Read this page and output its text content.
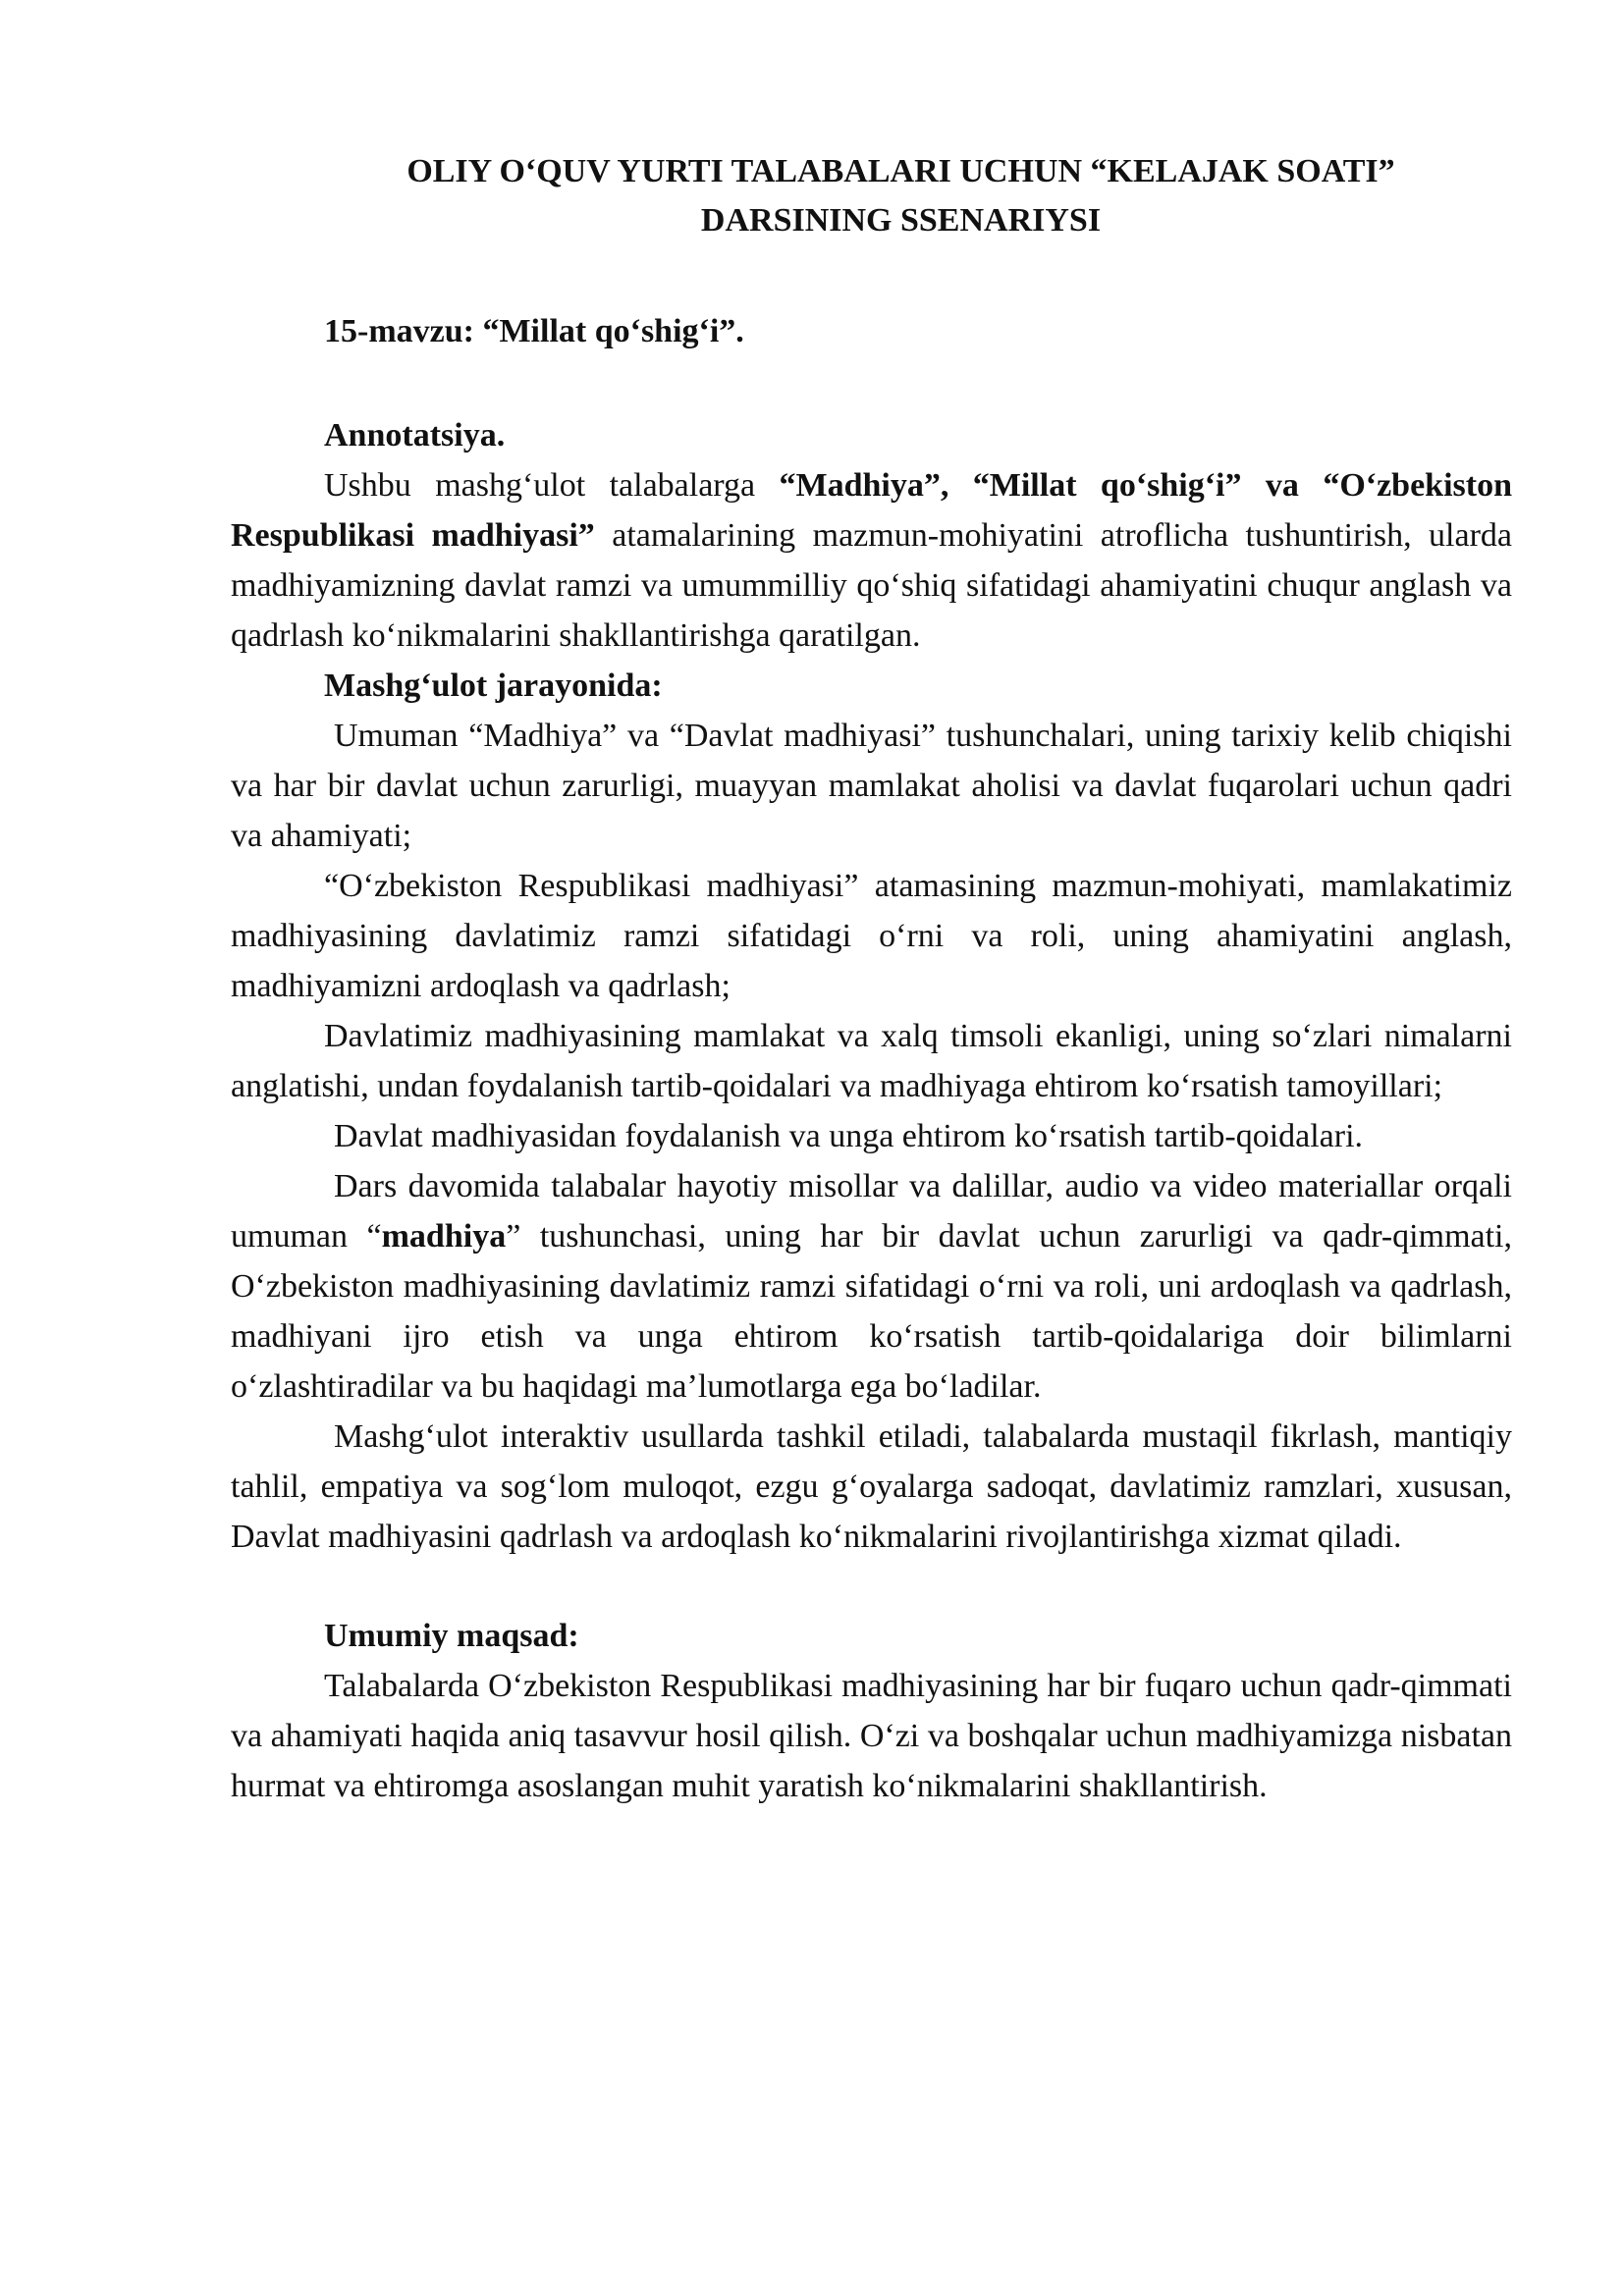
OLIY O‘QUV YURTI TALABALARI UCHUN “KELAJAK SOATI”
DARSINING SSENARIYSI

15-mavzu: “Millat qo‘shig‘i”.

Annotatsiya.

Ushbu mashg‘ulot talabalarga “Madhiya”, “Millat qo‘shig‘i” va “O‘zbekiston Respublikasi madhiyasi” atamalarining mazmun-mohiyatini atroflicha tushuntirish, ularda madhiyamizning davlat ramzi va umummilliy qo‘shiq sifatidagi ahamiyatini chuqur anglash va qadrlash ko‘nikmalarini shakllantirishga qaratilgan.

Mashg‘ulot jarayonida:

Umuman “Madhiya” va “Davlat madhiyasi” tushunchalari, uning tarixiy kelib chiqishi va har bir davlat uchun zarurligi, muayyan mamlakat aholisi va davlat fuqarolari uchun qadri va ahamiyati;

“O‘zbekiston Respublikasi madhiyasi” atamasining mazmun-mohiyati, mamlakatimiz madhiyasining davlatimiz ramzi sifatidagi o‘rni va roli, uning ahamiyatini anglash, madhiyamizni ardoqlash va qadrlash;

Davlatimiz madhiyasining mamlakat va xalq timsoli ekanligi, uning so‘zlari nimalarni anglatishi, undan foydalanish tartib-qoidalari va madhiyaga ehtirom ko‘rsatish tamoyillari;

Davlat madhiyasidan foydalanish va unga ehtirom ko‘rsatish tartib-qoidalari.

Dars davomida talabalar hayotiy misollar va dalillar, audio va video materiallar orqali umuman “madhiya” tushunchasi, uning har bir davlat uchun zarurligi va qadr-qimmati, O‘zbekiston madhiyasining davlatimiz ramzi sifatidagi o‘rni va roli, uni ardoqlash va qadrlash, madhiyani ijro etish va unga ehtirom ko‘rsatish tartib-qoidalariga doir bilimlarni o‘zlashtiradilar va bu haqidagi ma’lumotlarga ega bo‘ladilar.

Mashg‘ulot interaktiv usullarda tashkil etiladi, talabalarda mustaqil fikrlash, mantiqiy tahlil, empatiya va sog‘lom muloqot, ezgu g‘oyalarga sadoqat, davlatimiz ramzlari, xususan, Davlat madhiyasini qadrlash va ardoqlash ko‘nikmalarini rivojlantirishga xizmat qiladi.

Umumiy maqsad:

Talabalarda O‘zbekiston Respublikasi madhiyasining har bir fuqaro uchun qadr-qimmati va ahamiyati haqida aniq tasavvur hosil qilish. O‘zi va boshqalar uchun madhiyamizga nisbatan hurmat va ehtiromga asoslangan muhit yaratish ko‘nikmalarini shakllantirish.
